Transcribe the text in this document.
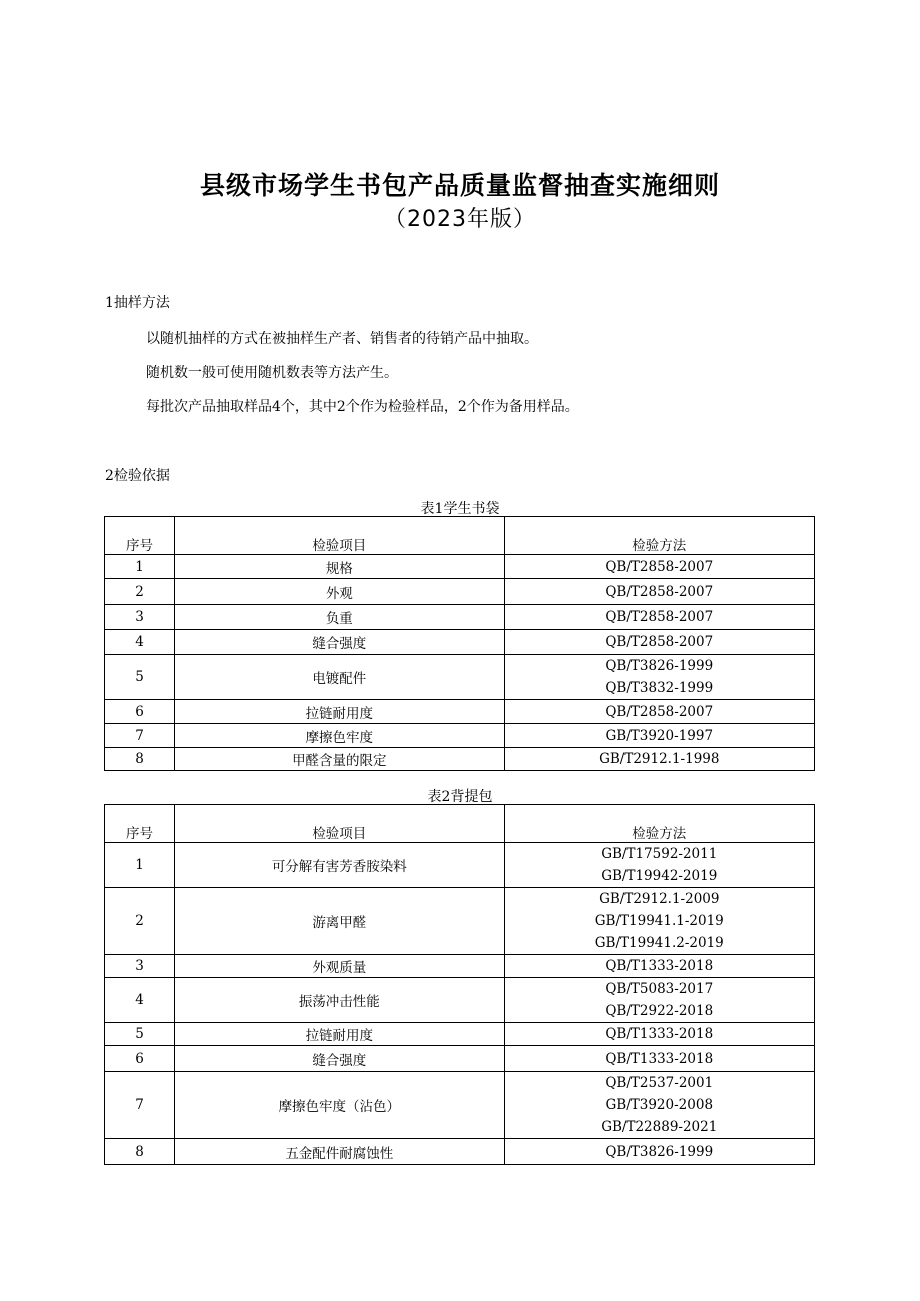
县级市场学生书包产品质量监督抽查实施细则
（2023年版）
1抽样方法
以随机抽样的方式在被抽样生产者、销售者的待销产品中抽取。
随机数一般可使用随机数表等方法产生。
每批次产品抽取样品4个，其中2个作为检验样品，2个作为备用样品。
2检验依据
表1学生书袋
序号	检验项目	检验方法
1	规格	QB/T2858-2007

2	外观	QB/T2858-2007

3	负重	QB/T2858-2007

4	缝合强度	QB/T2858-2007

5	电镀配件	QB/T3826-1999
QB/T3832-1999

6	拉链耐用度	QB/T2858-2007

7	摩擦色牢度	GB/T3920-1997

8	甲醛含量的限定	GB/T2912.1-1998
表2背提包
序号	检验项目	检验方法
1	可分解有害芳香胺染料	GB/T17592-2011
GB/T19942-2019

2	游离甲醛	GB/T2912.1-2009
GB/T19941.1-2019
GB/T19941.2-2019

3	外观质量	QB/T1333-2018

4	振荡冲击性能	QB/T5083-2017
QB/T2922-2018

5	拉链耐用度	QB/T1333-2018

6	缝合强度	QB/T1333-2018

7	摩擦色牢度（沾色）	QB/T2537-2001
GB/T3920-2008
GB/T22889-2021

8	五金配件耐腐蚀性	QB/T3826-1999
